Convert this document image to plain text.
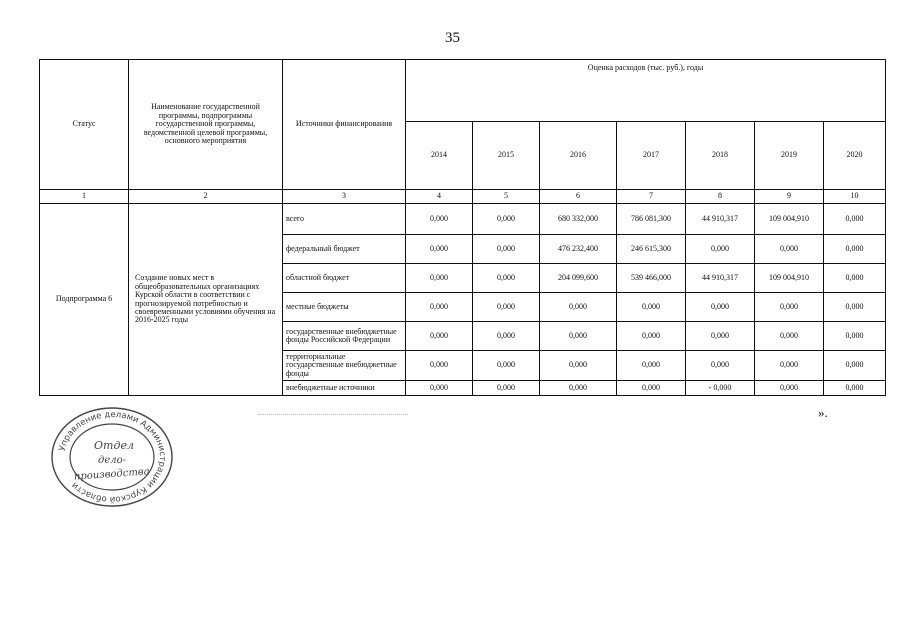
35
Статус	Наименование государственной программы, подпрограммы государственной программы, ведомственной целевой программы, основного мероприятия	Источники финансирования	Оценка расходов (тыс. руб.), годы						
			2014	2015	2016	2017	2018	2019	2020
1	2	3	4	5	6	7	8	9	10
Подпрограмма 6	Создание новых мест в общеобразовательных организациях Курской области в соответствии с прогнозируемой потребностью и своевременными условиями обучения на 2016-2025 годы	всего	0,000	0,000	680 332,000	786 081,300	44 910,317	109 004,910	0,000
		федеральный бюджет	0,000	0,000	476 232,400	246 615,300	0,000	0,000	0,000
		областной бюджет	0,000	0,000	204 099,600	539 466,000	44 910,317	109 004,910	0,000
		местные бюджеты	0,000	0,000	0,000	0,000	0,000	0,000	0,000
		государственные внебюджетные фонды Российской Федерации	0,000	0,000	0,000	0,000	0,000	0,000	0,000
		территориальные государственные внебюджетные фонды	0,000	0,000	0,000	0,000	0,000	0,000	0,000
		внебюджетные источники	0,000	0,000	0,000	0,000	- 0,000	0,000	0,000
».
Управление делами Администрации Курской области
Отдел
дело-
производства
